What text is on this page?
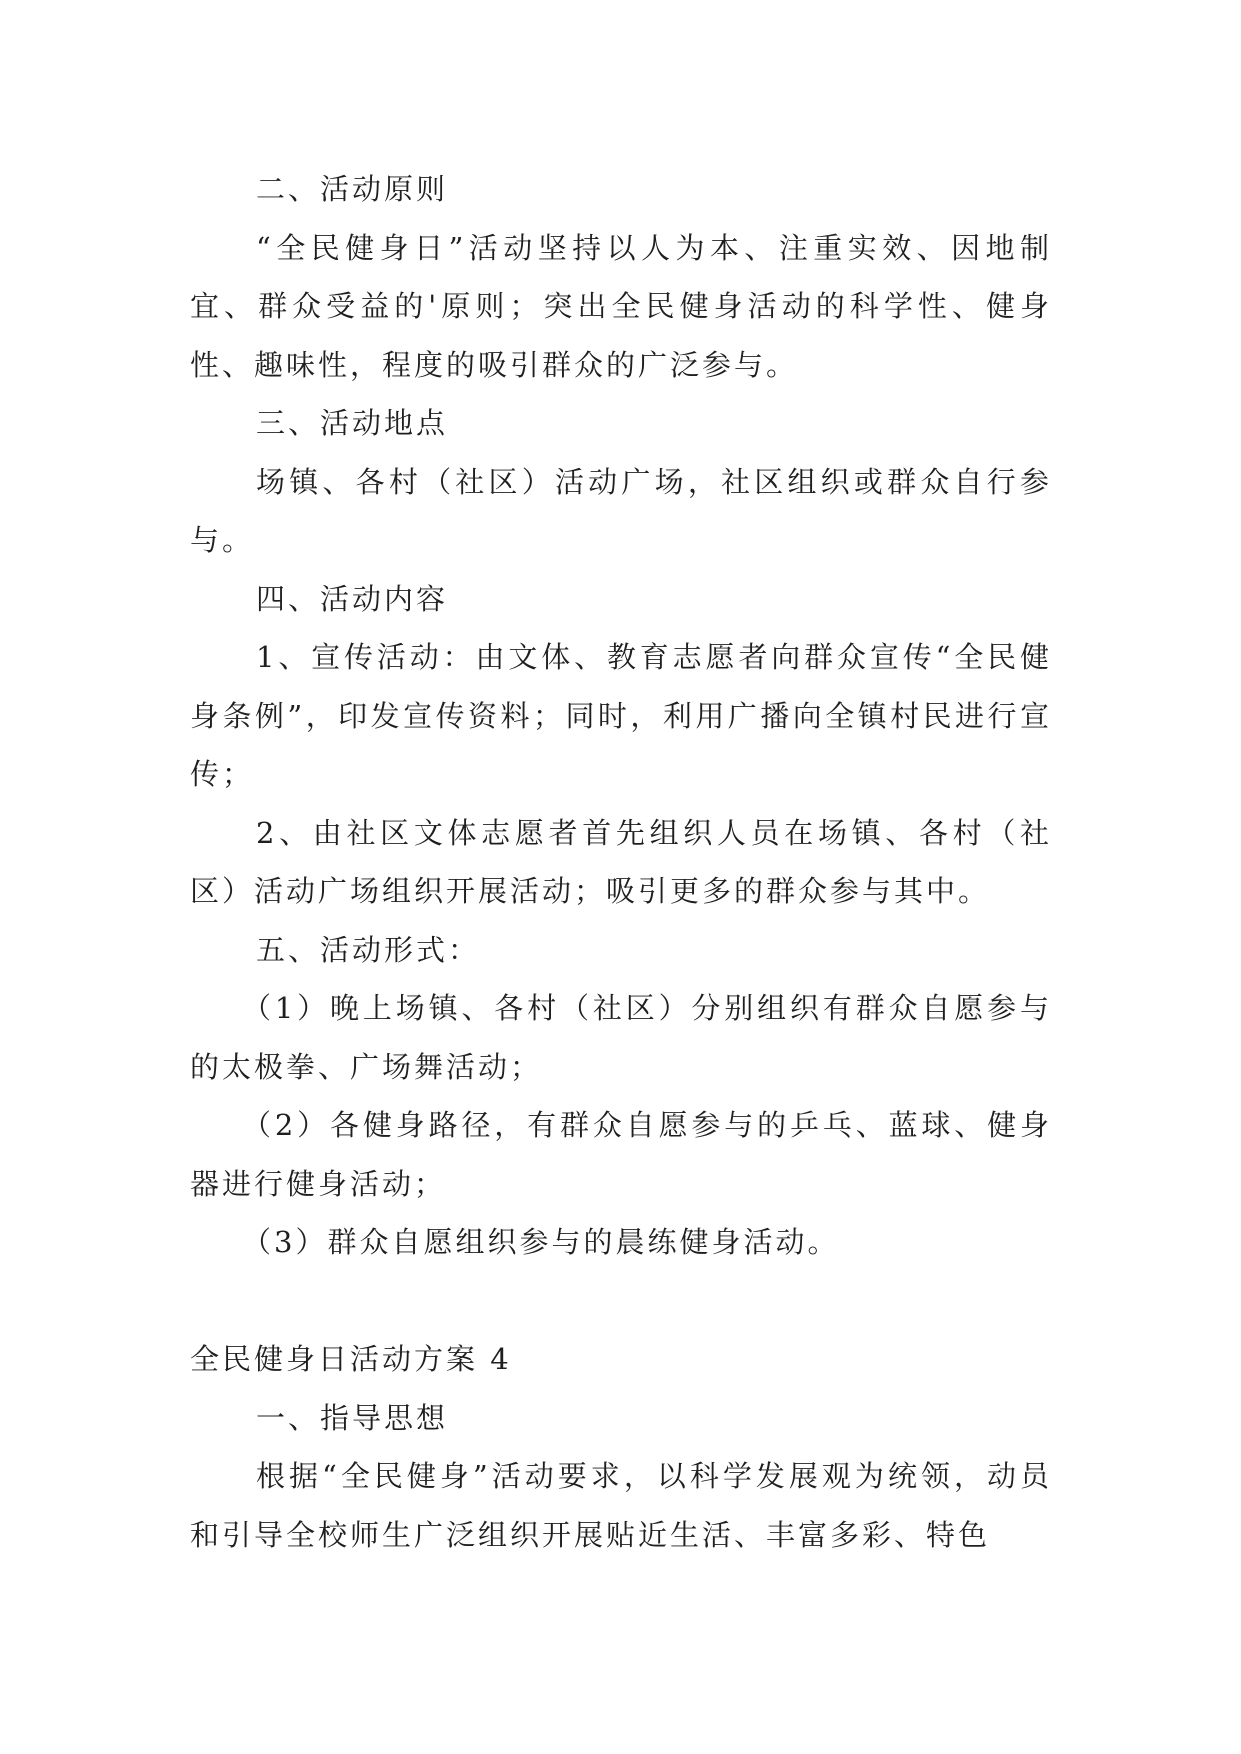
二、活动原则

“全民健身日”活动坚持以人为本、注重实效、因地制宜、群众受益的'原则；突出全民健身活动的科学性、健身性、趣味性，程度的吸引群众的广泛参与。

三、活动地点

场镇、各村（社区）活动广场，社区组织或群众自行参与。

四、活动内容

1、宣传活动：由文体、教育志愿者向群众宣传“全民健身条例”，印发宣传资料；同时，利用广播向全镇村民进行宣传；

2、由社区文体志愿者首先组织人员在场镇、各村（社区）活动广场组织开展活动；吸引更多的群众参与其中。

五、活动形式：

（1）晚上场镇、各村（社区）分别组织有群众自愿参与的太极拳、广场舞活动；

（2）各健身路径，有群众自愿参与的乒乓、蓝球、健身器进行健身活动；

（3）群众自愿组织参与的晨练健身活动。

全民健身日活动方案 4

一、指导思想

根据“全民健身”活动要求，以科学发展观为统领，动员和引导全校师生广泛组织开展贴近生活、丰富多彩、特色
